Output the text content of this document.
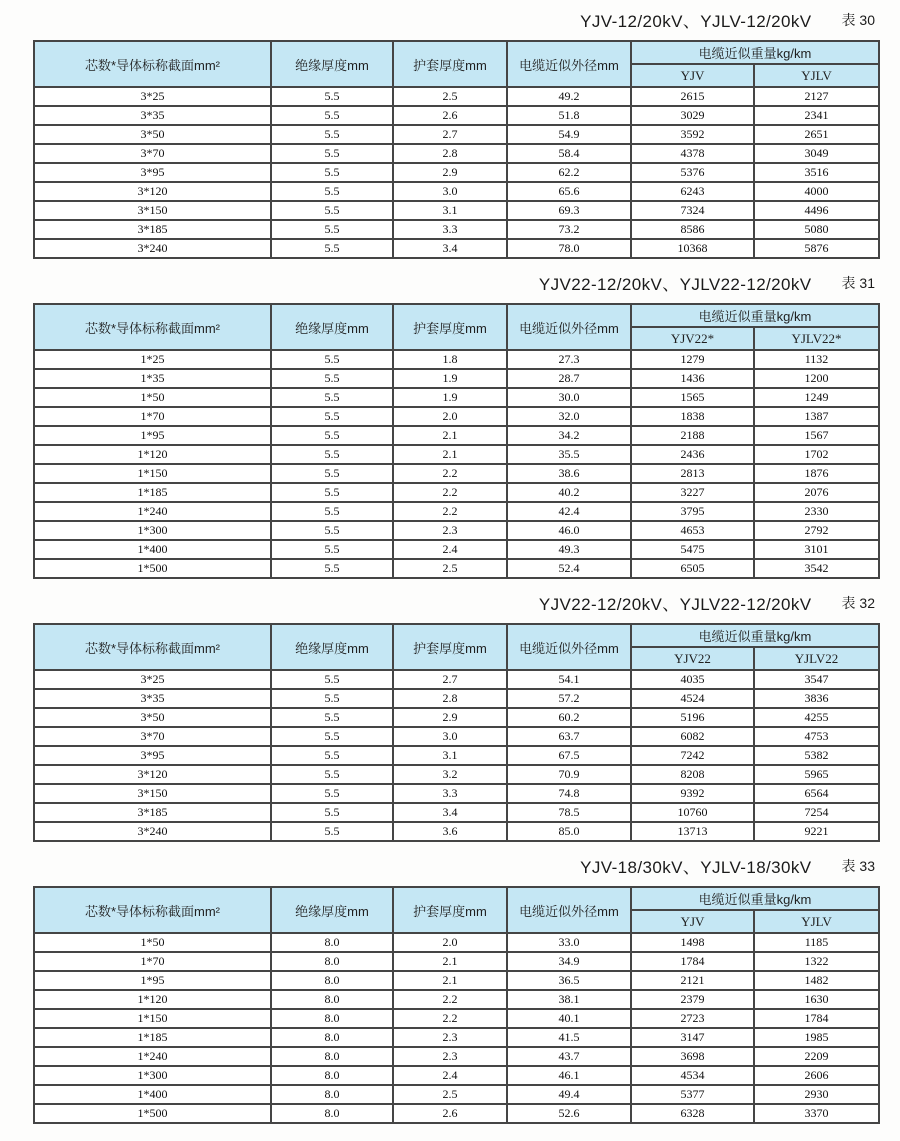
YJV-12/20kV、YJLV-12/20kV 表 30
芯数*导体标称截面mm²	绝缘厚度mm	护套厚度mm	电缆近似外径mm	电缆近似重量kg/km	
				YJV	YJLV
3*25	5.5	2.5	49.2	2615	2127
3*35	5.5	2.6	51.8	3029	2341
3*50	5.5	2.7	54.9	3592	2651
3*70	5.5	2.8	58.4	4378	3049
3*95	5.5	2.9	62.2	5376	3516
3*120	5.5	3.0	65.6	6243	4000
3*150	5.5	3.1	69.3	7324	4496
3*185	5.5	3.3	73.2	8586	5080
3*240	5.5	3.4	78.0	10368	5876
YJV22-12/20kV、YJLV22-12/20kV 表 31
芯数*导体标称截面mm²	绝缘厚度mm	护套厚度mm	电缆近似外径mm	电缆近似重量kg/km	
				YJV22*	YJLV22*
1*25	5.5	1.8	27.3	1279	1132
1*35	5.5	1.9	28.7	1436	1200
1*50	5.5	1.9	30.0	1565	1249
1*70	5.5	2.0	32.0	1838	1387
1*95	5.5	2.1	34.2	2188	1567
1*120	5.5	2.1	35.5	2436	1702
1*150	5.5	2.2	38.6	2813	1876
1*185	5.5	2.2	40.2	3227	2076
1*240	5.5	2.2	42.4	3795	2330
1*300	5.5	2.3	46.0	4653	2792
1*400	5.5	2.4	49.3	5475	3101
1*500	5.5	2.5	52.4	6505	3542
YJV22-12/20kV、YJLV22-12/20kV 表 32
芯数*导体标称截面mm²	绝缘厚度mm	护套厚度mm	电缆近似外径mm	电缆近似重量kg/km	
				YJV22	YJLV22
3*25	5.5	2.7	54.1	4035	3547
3*35	5.5	2.8	57.2	4524	3836
3*50	5.5	2.9	60.2	5196	4255
3*70	5.5	3.0	63.7	6082	4753
3*95	5.5	3.1	67.5	7242	5382
3*120	5.5	3.2	70.9	8208	5965
3*150	5.5	3.3	74.8	9392	6564
3*185	5.5	3.4	78.5	10760	7254
3*240	5.5	3.6	85.0	13713	9221
YJV-18/30kV、YJLV-18/30kV 表 33
芯数*导体标称截面mm²	绝缘厚度mm	护套厚度mm	电缆近似外径mm	电缆近似重量kg/km	
				YJV	YJLV
1*50	8.0	2.0	33.0	1498	1185
1*70	8.0	2.1	34.9	1784	1322
1*95	8.0	2.1	36.5	2121	1482
1*120	8.0	2.2	38.1	2379	1630
1*150	8.0	2.2	40.1	2723	1784
1*185	8.0	2.3	41.5	3147	1985
1*240	8.0	2.3	43.7	3698	2209
1*300	8.0	2.4	46.1	4534	2606
1*400	8.0	2.5	49.4	5377	2930
1*500	8.0	2.6	52.6	6328	3370
